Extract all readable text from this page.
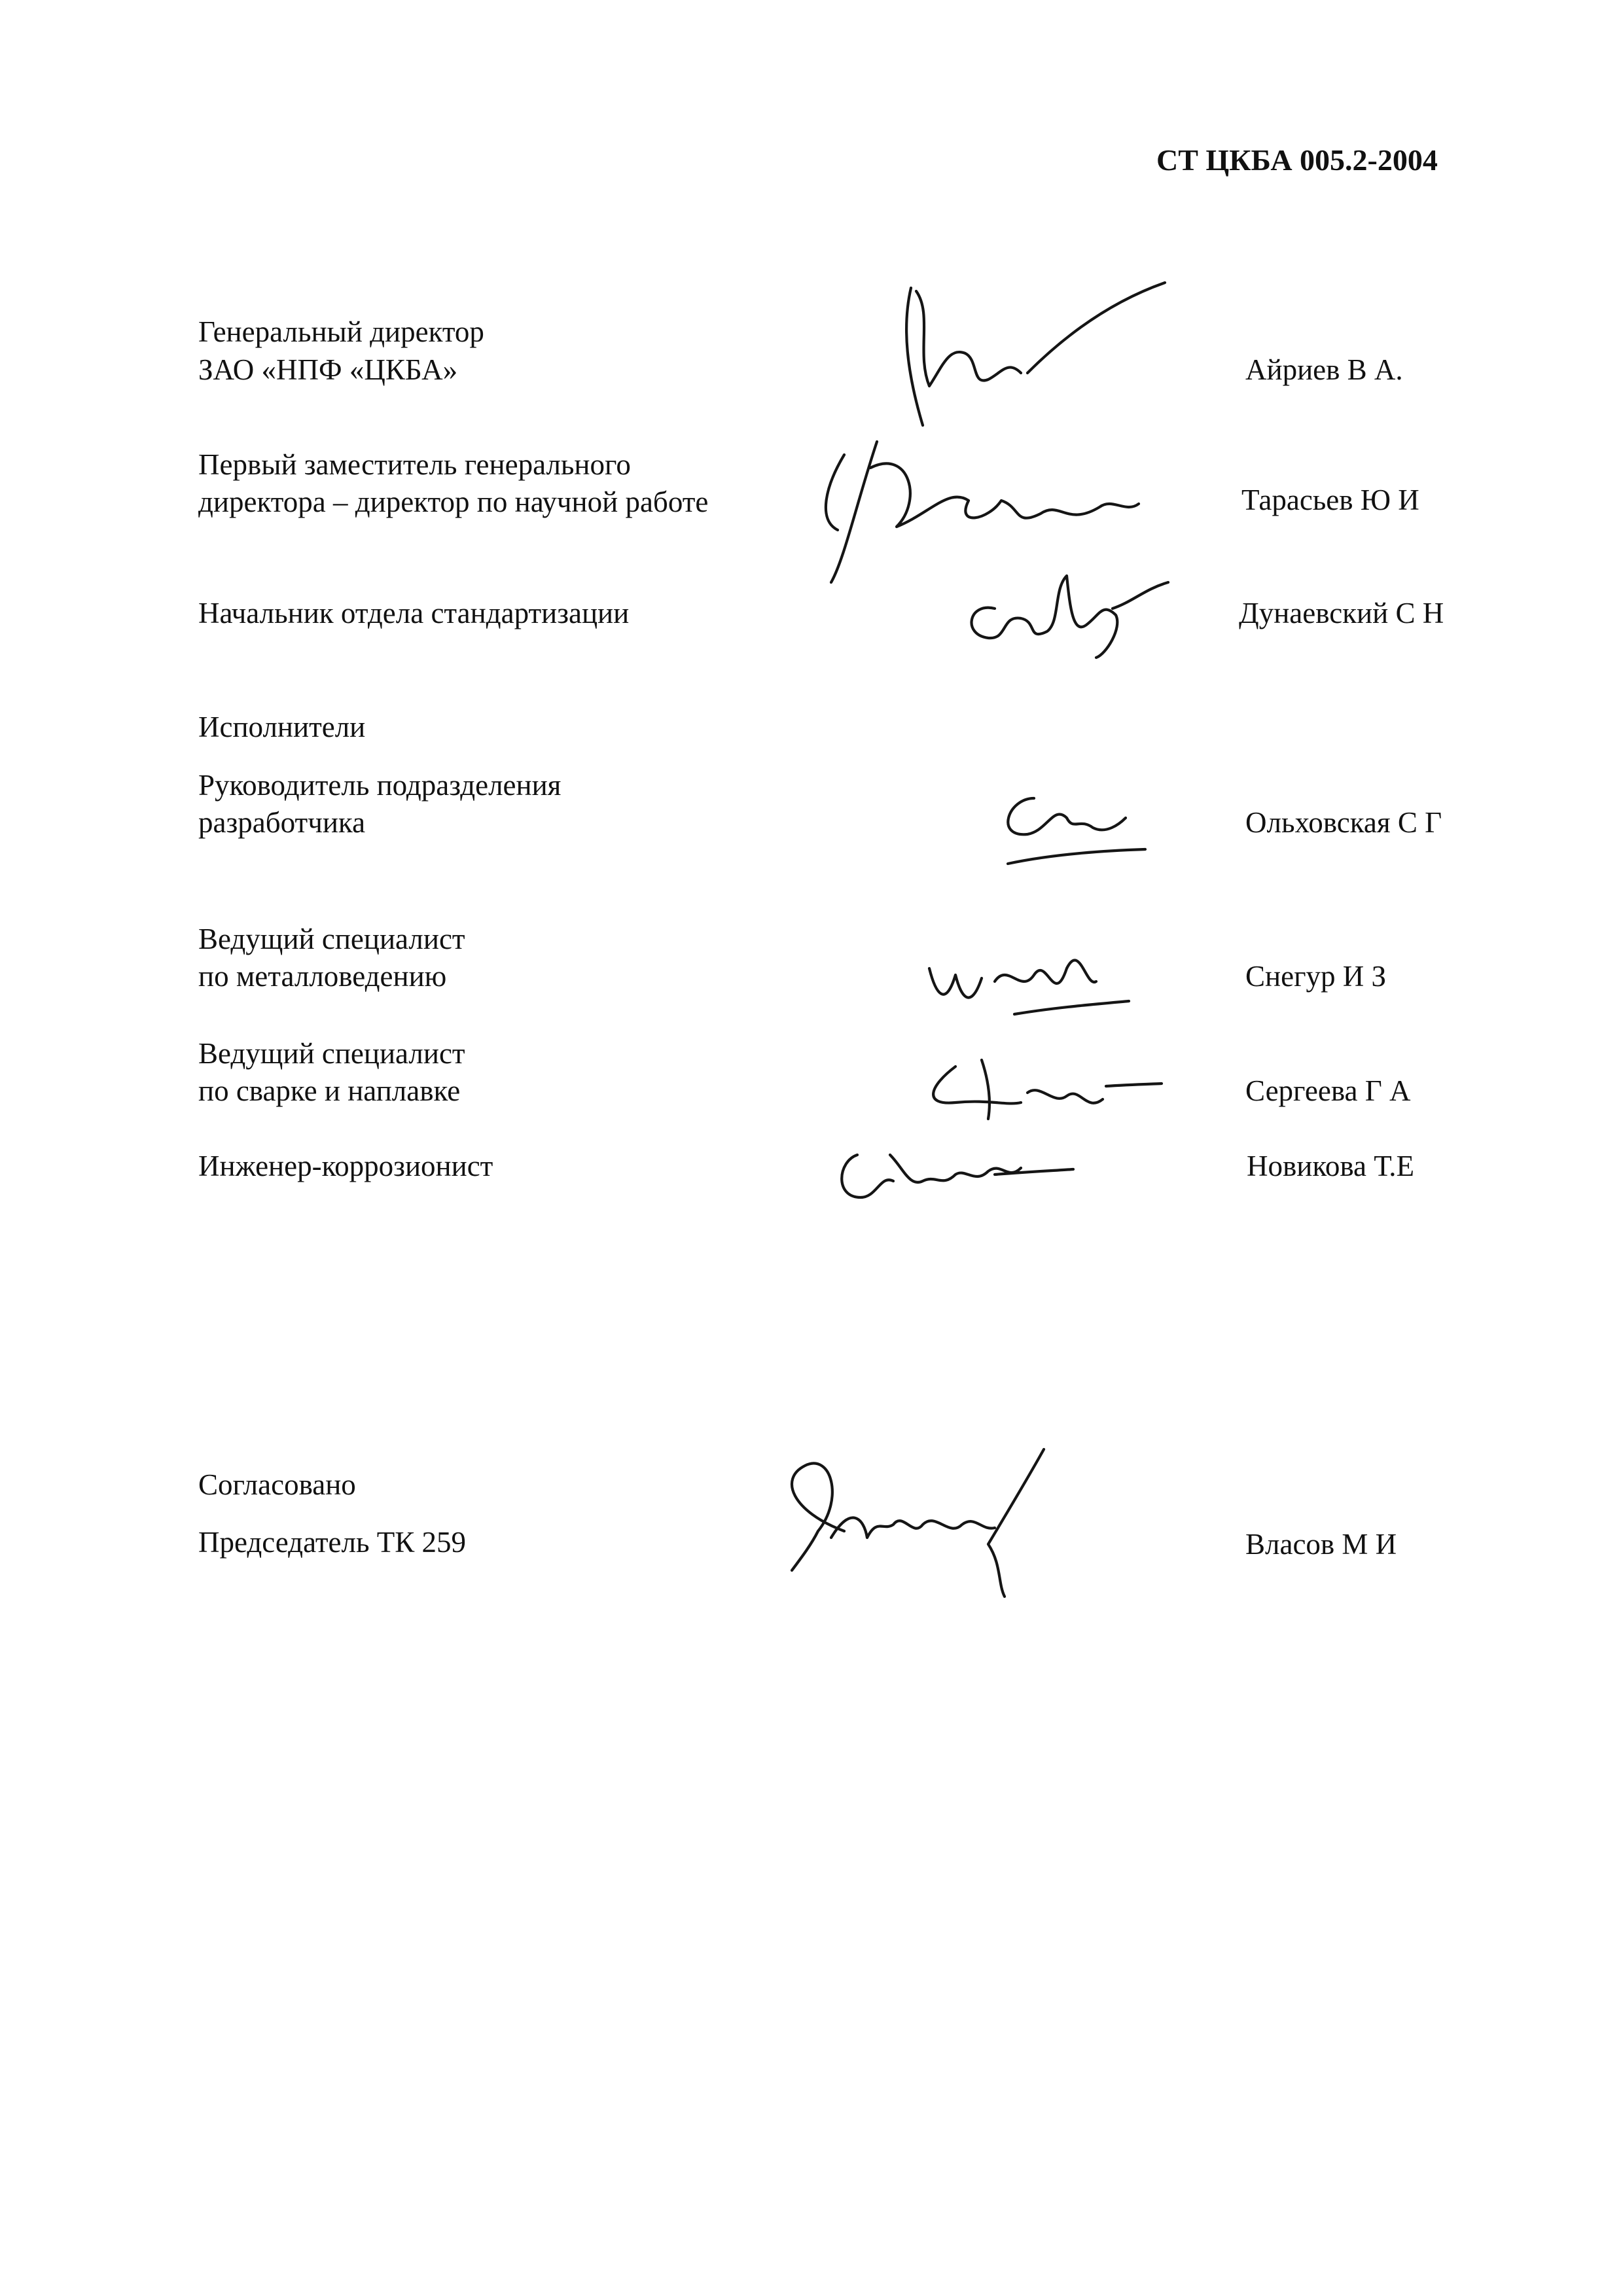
СТ ЦКБА 005.2-2004

Генеральный директор

ЗАО «НПФ «ЦКБА»	Айриев В А.

Первый заместитель генерального

директора – директор по научной работе	Тарасьев Ю И

Начальник отдела стандартизации	Дунаевский С Н

Исполнители

Руководитель подразделения

разработчика	Ольховская С Г

Ведущий специалист

по металловедению	Снегур И З

Ведущий специалист

по сварке и наплавке	Сергеева Г А

Инженер-коррозионист	Новикова Т.Е

Согласовано

Председатель ТК 259	Власов М И
